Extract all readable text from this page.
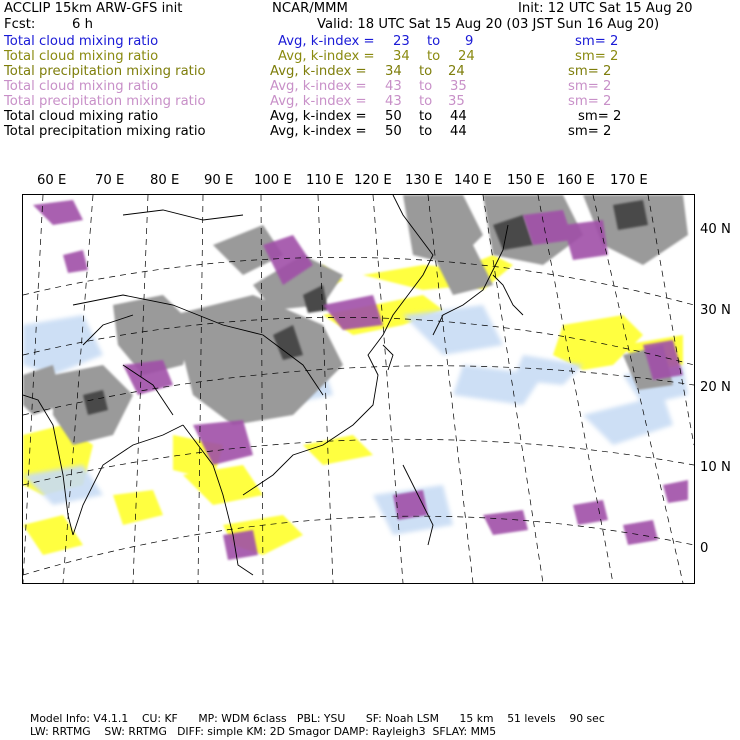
ACCLIP 15km ARW-GFS init	NCAR/MMM	Init: 12 UTC Sat 15 Aug 20
Fcst:	6 h	Valid: 18 UTC Sat 15 Aug 20 (03 JST Sun 16 Aug 20)
Total cloud mixing ratio	Avg, k-index = 23 to 9	sm= 2
Total cloud mixing ratio	Avg, k-index = 34 to 24	sm= 2
Total precipitation mixing ratio	Avg, k-index = 34 to 24	sm= 2
Total cloud mixing ratio	Avg, k-index = 43 to 35	sm= 2
Total precipitation mixing ratio	Avg, k-index = 43 to 35	sm= 2
Total cloud mixing ratio	Avg, k-index = 50 to 44	sm= 2
Total precipitation mixing ratio	Avg, k-index = 50 to 44	sm= 2
60 E 70 E 80 E 90 E 100 E 110 E 120 E 130 E 140 E 150 E 160 E 170 E
40 N
30 N
20 N
10 N
0
Model Info: V4.1.1    CU: KF      MP: WDM 6class   PBL: YSU      SF: Noah LSM      15 km    51 levels    90 sec
LW: RRTMG    SW: RRTMG   DIFF: simple KM: 2D Smagor DAMP: Rayleigh3  SFLAY: MM5
